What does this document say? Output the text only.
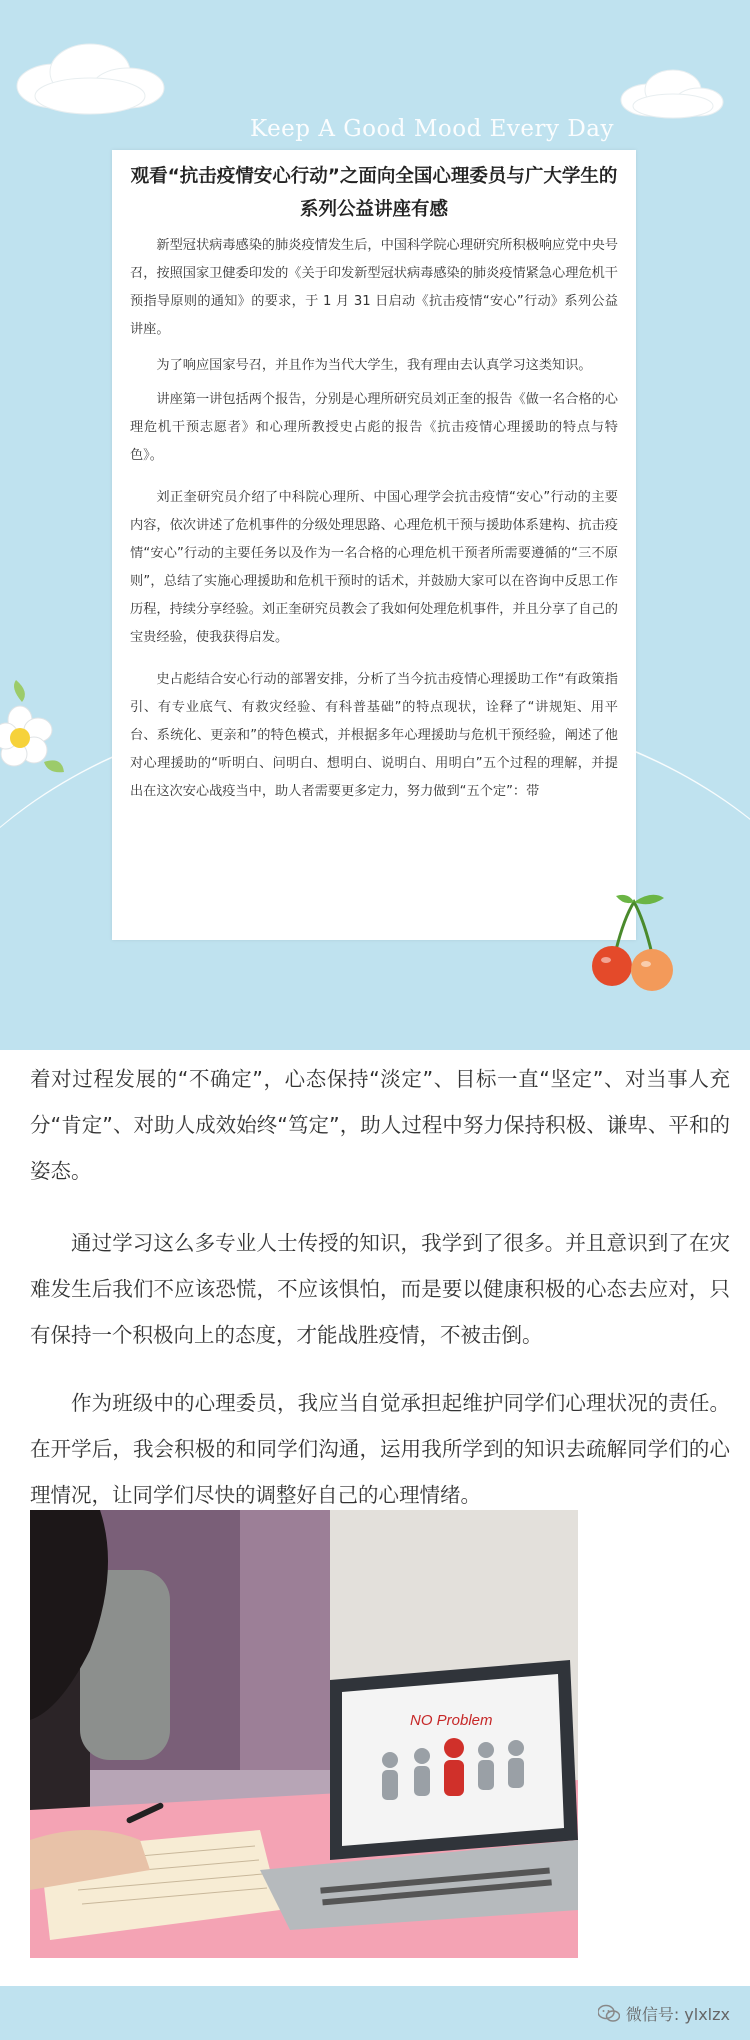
Keep A Good Mood Every Day
观看“抗击疫情安心行动”之面向全国心理委员与广大学生的系列公益讲座有感

新型冠状病毒感染的肺炎疫情发生后，中国科学院心理研究所积极响应党中央号召，按照国家卫健委印发的《关于印发新型冠状病毒感染的肺炎疫情紧急心理危机干预指导原则的通知》的要求，于 1 月 31 日启动《抗击疫情“安心”行动》系列公益讲座。

为了响应国家号召，并且作为当代大学生，我有理由去认真学习这类知识。

讲座第一讲包括两个报告，分别是心理所研究员刘正奎的报告《做一名合格的心理危机干预志愿者》和心理所教授史占彪的报告《抗击疫情心理援助的特点与特色》。

刘正奎研究员介绍了中科院心理所、中国心理学会抗击疫情“安心”行动的主要内容，依次讲述了危机事件的分级处理思路、心理危机干预与援助体系建构、抗击疫情“安心”行动的主要任务以及作为一名合格的心理危机干预者所需要遵循的“三不原则”，总结了实施心理援助和危机干预时的话术，并鼓励大家可以在咨询中反思工作历程，持续分享经验。刘正奎研究员教会了我如何处理危机事件，并且分享了自己的宝贵经验，使我获得启发。

史占彪结合安心行动的部署安排，分析了当今抗击疫情心理援助工作“有政策指引、有专业底气、有救灾经验、有科普基础”的特点现状，诠释了“讲规矩、用平台、系统化、更亲和”的特色模式，并根据多年心理援助与危机干预经验，阐述了他对心理援助的“听明白、问明白、想明白、说明白、用明白”五个过程的理解，并提出在这次安心战疫当中，助人者需要更多定力，努力做到“五个定”：带

着对过程发展的“不确定”，心态保持“淡定”、目标一直“坚定”、对当事人充分“肯定”、对助人成效始终“笃定”，助人过程中努力保持积极、谦卑、平和的姿态。

通过学习这么多专业人士传授的知识，我学到了很多。并且意识到了在灾难发生后我们不应该恐慌，不应该惧怕，而是要以健康积极的心态去应对，只有保持一个积极向上的态度，才能战胜疫情，不被击倒。

作为班级中的心理委员，我应当自觉承担起维护同学们心理状况的责任。在开学后，我会积极的和同学们沟通，运用我所学到的知识去疏解同学们的心理情况，让同学们尽快的调整好自己的心理情绪。

NO Problem
微信号: ylxlzx
